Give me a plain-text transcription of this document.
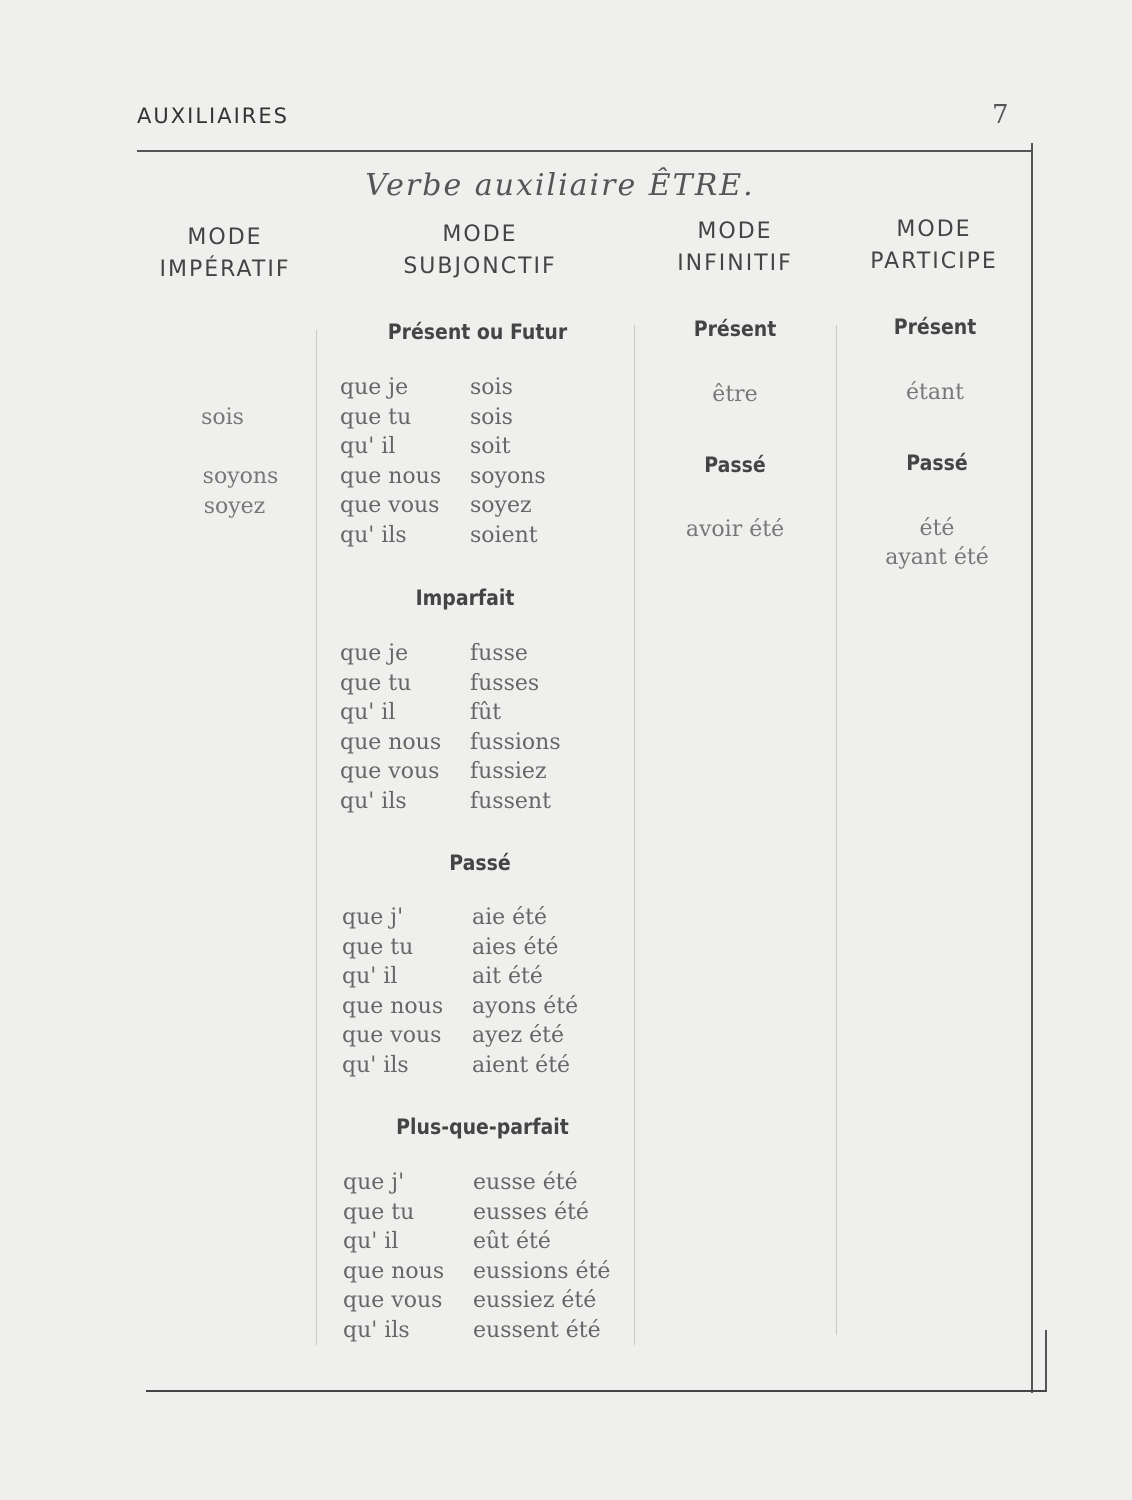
AUXILIAIRES	7
Verbe auxiliaire ÊTRE.
MODE
IMPÉRATIF
MODE
SUBJONCTIF
MODE
INFINITIF
MODE
PARTICIPE
sois
soyons
soyez
Présent ou Futur
que je	sois
que tu	sois
qu' il	soit
que nous	soyons
que vous	soyez
qu' ils	soient
Imparfait
que je	fusse
que tu	fusses
qu' il	fût
que nous	fussions
que vous	fussiez
qu' ils	fussent
Passé
que j'	aie été
que tu	aies été
qu' il	ait été
que nous	ayons été
que vous	ayez été
qu' ils	aient été
Plus-que-parfait
que j'	eusse été
que tu	eusses été
qu' il	eût été
que nous	eussions été
que vous	eussiez été
qu' ils	eussent été
Présent
être
Passé
avoir été
Présent
étant
Passé
été
ayant été
